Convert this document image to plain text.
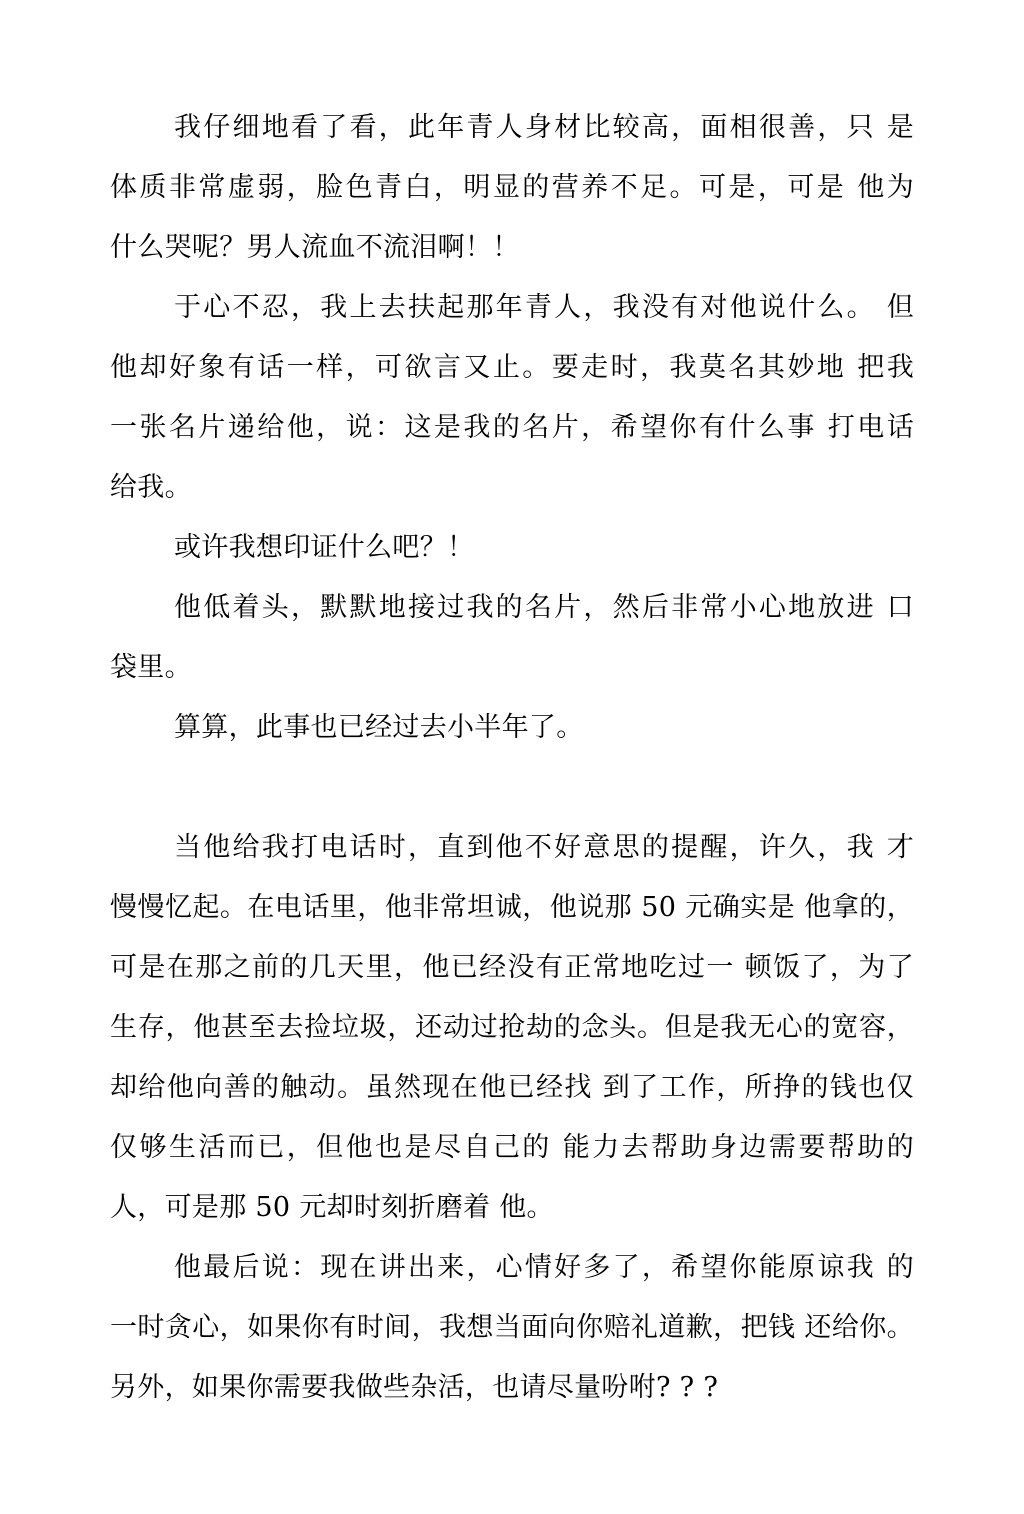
我仔细地看了看，此年青人身材比较高，面相很善，只 是
体质非常虚弱，脸色青白，明显的营养不足。可是，可是 他为
什么哭呢？男人流血不流泪啊！！
于心不忍，我上去扶起那年青人，我没有对他说什么。 但
他却好象有话一样，可欲言又止。要走时，我莫名其妙地 把我
一张名片递给他，说：这是我的名片，希望你有什么事 打电话
给我。
或许我想印证什么吧？！
他低着头，默默地接过我的名片，然后非常小心地放进 口
袋里。
算算，此事也已经过去小半年了。
当他给我打电话时，直到他不好意思的提醒，许久，我 才
慢慢忆起。在电话里，他非常坦诚，他说那 50 元确实是 他拿的，
可是在那之前的几天里，他已经没有正常地吃过一 顿饭了，为了
生存，他甚至去捡垃圾，还动过抢劫的念头。但是我无心的宽容，
却给他向善的触动。虽然现在他已经找 到了工作，所挣的钱也仅
仅够生活而已，但他也是尽自己的 能力去帮助身边需要帮助的
人，可是那 50 元却时刻折磨着 他。
他最后说：现在讲出来，心情好多了，希望你能原谅我 的
一时贪心，如果你有时间，我想当面向你赔礼道歉，把钱 还给你。
另外，如果你需要我做些杂活，也请尽量吩咐? ? ?
